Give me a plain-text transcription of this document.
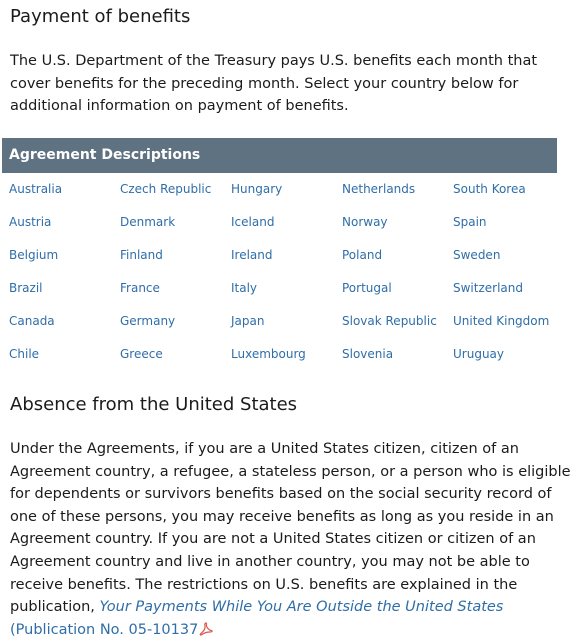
Payment of benefits

The U.S. Department of the Treasury pays U.S. benefits each month that cover benefits for the preceding month. Select your country below for additional information on payment of benefits.

Agreement Descriptions
Australia	Czech Republic	Hungary	Netherlands	South Korea
Austria	Denmark	Iceland	Norway	Spain
Belgium	Finland	Ireland	Poland	Sweden
Brazil	France	Italy	Portugal	Switzerland
Canada	Germany	Japan	Slovak Republic	United Kingdom
Chile	Greece	Luxembourg	Slovenia	Uruguay
Absence from the United States

Under the Agreements, if you are a United States citizen, citizen of an Agreement country, a refugee, a stateless person, or a person who is eligible for dependents or survivors benefits based on the social security record of one of these persons, you may receive benefits as long as you reside in an Agreement country. If you are not a United States citizen or citizen of an Agreement country and live in another country, you may not be able to receive benefits. The restrictions on U.S. benefits are explained in the publication, Your Payments While You Are Outside the United States (Publication No. 05-10137
